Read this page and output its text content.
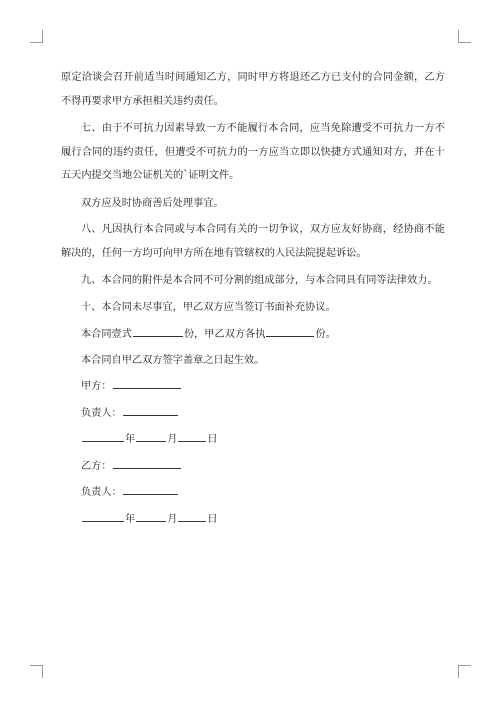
原定洽谈会召开前适当时间通知乙方，同时甲方将退还乙方已支付的合同金额，乙方不得再要求甲方承担相关违约责任。

七、由于不可抗力因素导致一方不能履行本合同，应当免除遭受不可抗力一方不履行合同的违约责任，但遭受不可抗力的一方应当立即以快捷方式通知对方，并在十五天内提交当地公证机关的`证明文件。

双方应及时协商善后处理事宜。

八、凡因执行本合同或与本合同有关的一切争议，双方应友好协商，经协商不能解决的，任何一方均可向甲方所在地有管辖权的人民法院提起诉讼。

九、本合同的附件是本合同不可分割的组成部分，与本合同具有同等法律效力。

十、本合同未尽事宜，甲乙双方应当签订书面补充协议。

本合同壹式	份，甲乙双方各执	份。
本合同自甲乙双方签字盖章之日起生效。
甲方：
负责人：
年	月	日
乙方：
负责人：
年	月	日
